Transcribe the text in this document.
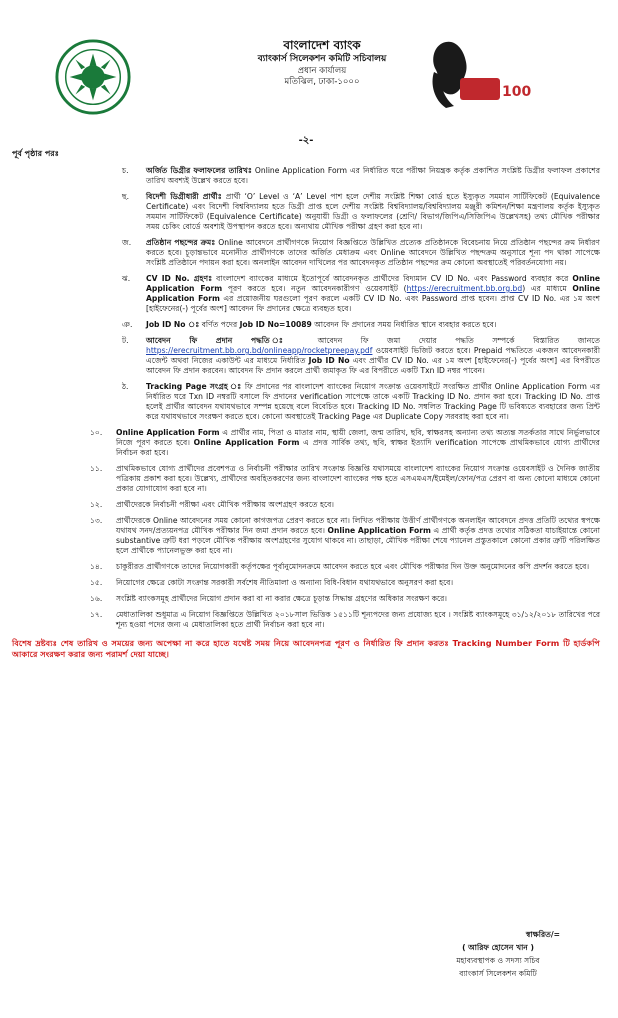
100
বাংলাদেশ ব্যাংক
ব্যাংকার্স সিলেকশন কমিটি সচিবালয়
প্রধান কার্যালয়
মতিঝিল, ঢাকা-১০০০
-২-
পূর্ব পৃষ্ঠার পরঃ
চ. অর্জিত ডিগ্রীর ফলাফলের তারিখঃ Online Application Form এর নির্ধারিত ঘরে পরীক্ষা নিয়ন্ত্রক কর্তৃক প্রকাশিত সংশ্লিষ্ট ডিগ্রীর ফলাফল প্রকাশের তারিখ অবশ্যই উল্লেখ করতে হবে।
ছ. বিদেশী ডিগ্রীধারী প্রার্থীঃ প্রার্থী ‘O’ Level ও ‘A’ Level পাশ হলে দেশীয় সংশ্লিষ্ট শিক্ষা বোর্ড হতে ইস্যুকৃত সমমান সার্টিফিকেট (Equivalence Certificate) এবং বিদেশী বিশ্ববিদ্যালয় হতে ডিগ্রী প্রাপ্ত হলে দেশীয় সংশ্লিষ্ট বিশ্ববিদ্যালয়/বিশ্ববিদ্যালয় মঞ্জুরী কমিশন/শিক্ষা মন্ত্রণালয় কর্তৃক ইস্যুকৃত সমমান সার্টিফিকেট (Equivalence Certificate) অনুযায়ী ডিগ্রী ও ফলাফলের (শ্রেণি/ বিভাগ/জিপিএ/সিজিপিএ উল্লেখসহ) তথ্য মৌখিক পরীক্ষার সময় চেকিং বোর্ডে অবশ্যই উপস্থাপন করতে হবে। অন্যথায় মৌখিক পরীক্ষা গ্রহণ করা হবে না।
জ. প্রতিষ্ঠান পছন্দের ক্রমঃ Online আবেদনে প্রার্থীগণকে নিয়োগ বিজ্ঞপ্তিতে উল্লিখিত প্রত্যেক প্রতিষ্ঠানকে বিবেচনায় নিয়ে প্রতিষ্ঠান পছন্দের ক্রম নির্ধারণ করতে হবে। চূড়ান্তভাবে মনোনীত প্রার্থীগণকে তাদের অর্জিত মেধাক্রম এবং Online আবেদনে উল্লিখিত পছন্দক্রম অনুসারে শূন্য পদ থাকা সাপেক্ষে সংশ্লিষ্ট প্রতিষ্ঠানে পদায়ন করা হবে। অনলাইন আবেদন দাখিলের পর আবেদনকৃত প্রতিষ্ঠান পছন্দের ক্রম কোনো অবস্থাতেই পরিবর্তনযোগ্য নয়।
ঝ. CV ID No. গ্রহণঃ বাংলাদেশ ব্যাংকের মাধ্যমে ইতোপূর্বে আবেদনকৃত প্রার্থীদের বিদ্যমান CV ID No. এবং Password ব্যবহার করে Online Application Form পূরণ করতে হবে। নতুন আবেদনকারীগণ ওয়েবসাইট (https://erecruitment.bb.org.bd) এর মাধ্যমে Online Application Form এর প্রয়োজনীয় ঘরগুলো পূরণ করলে একটি CV ID No. এবং Password প্রাপ্ত হবেন। প্রাপ্ত CV ID No. এর ১ম অংশ [হাইফেনের(-) পূর্বের অংশ] আবেদন ফি প্রদানের ক্ষেত্রে ব্যবহৃত হবে।
ঞ. Job ID No ঃ বর্ণিত পদের Job ID No=10089 আবেদন ফি প্রদানের সময় নির্ধারিত স্থানে ব্যবহার করতে হবে।
ট. আবেদন ফি প্রদান পদ্ধতি ঃ আবেদন ফি জমা দেয়ার পদ্ধতি সম্পর্কে বিস্তারিত জানতে https://erecruitment.bb.org.bd/onlineapp/rocketpreepay.pdf ওয়েবসাইট ভিজিট করতে হবে। Prepaid পদ্ধতিতে একজন আবেদনকারী এজেন্ট অথবা নিজের একাউন্ট এর মাধ্যমে নির্ধারিত Job ID No এবং প্রার্থীর CV ID No. এর ১ম অংশ [হাইফেনের(-) পূর্বের অংশ] এর বিপরীতে আবেদন ফি প্রদান করবেন। আবেদন ফি প্রদান করলে প্রার্থী জমাকৃত ফি এর বিপরীতে একটি Txn ID নম্বর পাবেন।
ঠ. Tracking Page সংগ্রহ ঃ ফি প্রদানের পর বাংলাদেশ ব্যাংকের নিয়োগ সংক্রান্ত ওয়েবসাইটে সংরক্ষিত প্রার্থীর Online Application Form এর নির্ধারিত ঘরে Txn ID নম্বরটি বসালে ফি প্রদানের verification সাপেক্ষে তাকে একটি Tracking ID No. প্রদান করা হবে। Tracking ID No. প্রাপ্ত হলেই প্রার্থীর আবেদন যথাযথভাবে সম্পন্ন হয়েছে বলে বিবেচিত হবে। Tracking ID No. সম্বলিত Tracking Page টি ভবিষ্যতে ব্যবহারের জন্য প্রিন্ট করে যথাযথভাবে সংরক্ষণ করতে হবে। কোনো অবস্থাতেই Tracking Page এর Duplicate Copy সরবরাহ করা হবে না।
১০. Online Application Form এ প্রার্থীর নাম, পিতা ও মাতার নাম, স্থায়ী জেলা, জন্ম তারিখ, ছবি, স্বাক্ষরসহ অন্যান্য তথ্য অত্যন্ত সতর্কতার সাথে নির্ভুলভাবে নিজে পূরণ করতে হবে। Online Application Form এ প্রদত্ত সার্বিক তথ্য, ছবি, স্বাক্ষর ইত্যাদি verification সাপেক্ষে প্রাথমিকভাবে যোগ্য প্রার্থীদের নির্বাচন করা হবে।
১১. প্রাথমিকভাবে যোগ্য প্রার্থীদের প্রবেশপত্র ও নির্বাচনী পরীক্ষার তারিখ সংক্রান্ত বিজ্ঞপ্তি যথাসময়ে বাংলাদেশ ব্যাংকের নিয়োগ সংক্রান্ত ওয়েবসাইট ও দৈনিক জাতীয় পত্রিকায় প্রকাশ করা হবে। উল্লেখ্য, প্রার্থীদের অবহিতকরণের জন্য বাংলাদেশ ব্যাংকের পক্ষ হতে এসএমএস/ইমেইল/ফোন/পত্র প্রেরণ বা অন্য কোনো মাধ্যমে কোনো প্রকার যোগাযোগ করা হবে না।
১২. প্রার্থীদেরকে নির্বাচনী পরীক্ষা এবং মৌখিক পরীক্ষায় অংশগ্রহণ করতে হবে।
১৩. প্রার্থীদেরকে Online আবেদনের সময় কোনো কাগজপত্র প্রেরণ করতে হবে না। লিখিত পরীক্ষায় উত্তীর্ণ প্রার্থীগণকে অনলাইন আবেদনে প্রদত্ত প্রতিটি তথ্যের স্বপক্ষে যথাযথ সনদ/প্রত্যয়নপত্র মৌখিক পরীক্ষার দিন জমা প্রদান করতে হবে। Online Application Form এ প্রার্থী কর্তৃক প্রদত্ত তথ্যের সঠিকতা যাচাইয়ান্তে কোনো substantive ত্রুটি ধরা পড়লে মৌখিক পরীক্ষায় অংশগ্রহণের সুযোগ থাকবে না। তাছাড়া, মৌখিক পরীক্ষা শেষে প্যানেল প্রস্তুতকালে কোনো প্রকার ত্রুটি পরিলক্ষিত হলে প্রার্থীকে প্যানেলভুক্ত করা হবে না।
১৪. চাকুরীরত প্রার্থীগণকে তাদের নিয়োগকারী কর্তৃপক্ষের পূর্বানুমোদনক্রমে আবেদন করতে হবে এবং মৌখিক পরীক্ষার দিন উক্ত অনুমোদনের কপি প্রদর্শন করতে হবে।
১৫. নিয়োগের ক্ষেত্রে কোটা সংক্রান্ত সরকারী সর্বশেষ নীতিমালা ও অন্যান্য বিধি-বিধান যথাযথভাবে অনুসরণ করা হবে।
১৬. সংশ্লিষ্ট ব্যাংকসমূহ প্রার্থীদের নিয়োগ প্রদান করা বা না করার ক্ষেত্রে চূড়ান্ত সিদ্ধান্ত গ্রহণের অধিকার সংরক্ষণ করে।
১৭. মেধাতালিকা শুধুমাত্র এ নিয়োগ বিজ্ঞপ্তিতে উল্লিখিত ২০১৮সাল ভিত্তিক ১৫১১টি শূন্যপদের জন্য প্রযোজ্য হবে । সংশ্লিষ্ট ব্যাংকসমূহে ৩১/১২/২০১৮ তারিখের পরে শূন্য হওয়া পদের জন্য এ মেধাতালিকা হতে প্রার্থী নির্বাচন করা হবে না।
বিশেষ দ্রষ্টব্যঃ শেষ তারিখ ও সময়ের জন্য অপেক্ষা না করে হাতে যথেষ্ট সময় নিয়ে আবেদনপত্র পূরণ ও নির্ধারিত ফি প্রদান করতঃ Tracking Number Form টি হার্ডকপি আকারে সংরক্ষণ করার জন্য পরামর্শ দেয়া যাচ্ছে।
স্বাক্ষরিত/=
( আরিফ হোসেন খান )
মহাব্যবস্থাপক ও সদস্য সচিব
ব্যাংকার্স সিলেকশন কমিটি
